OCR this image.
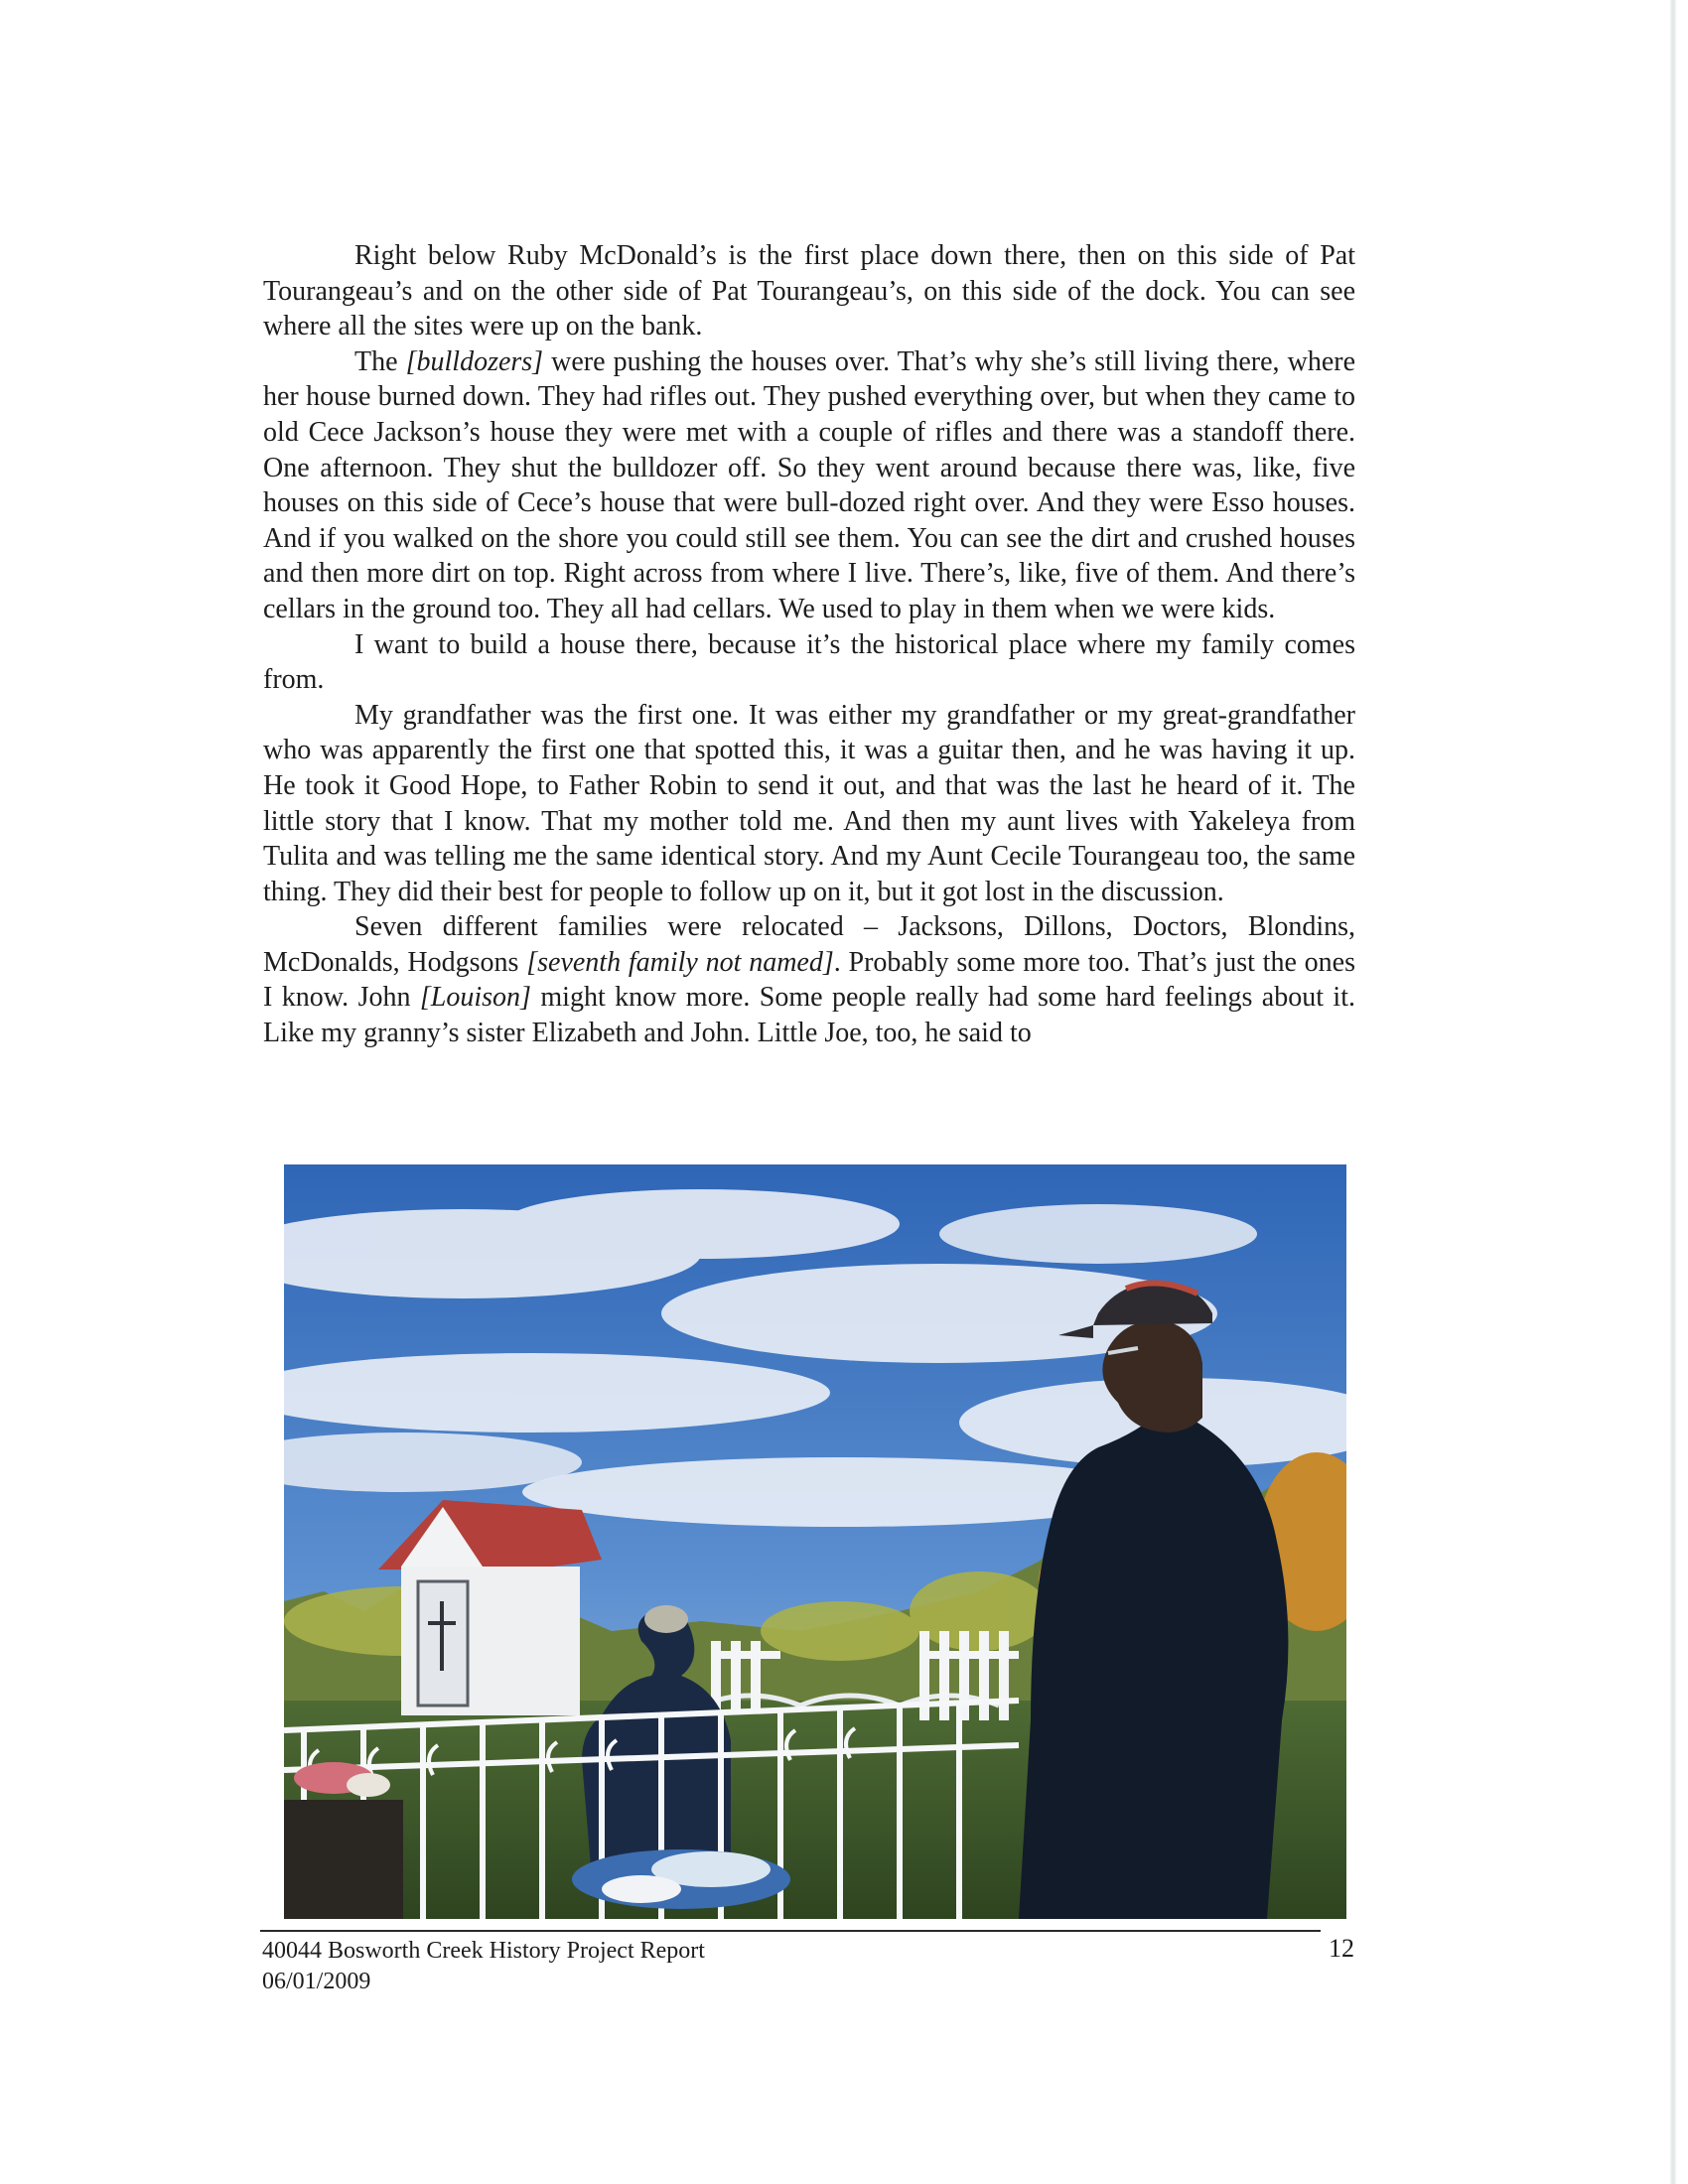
Right below Ruby McDonald’s is the first place down there, then on this side of Pat Tourangeau’s and on the other side of Pat Tourangeau’s, on this side of the dock. You can see where all the sites were up on the bank.

The [bulldozers] were pushing the houses over. That’s why she’s still living there, where her house burned down. They had rifles out. They pushed everything over, but when they came to old Cece Jackson’s house they were met with a couple of rifles and there was a standoff there. One afternoon. They shut the bulldozer off. So they went around because there was, like, five houses on this side of Cece’s house that were bull-dozed right over. And they were Esso houses. And if you walked on the shore you could still see them. You can see the dirt and crushed houses and then more dirt on top. Right across from where I live. There’s, like, five of them. And there’s cellars in the ground too. They all had cellars. We used to play in them when we were kids.

I want to build a house there, because it’s the historical place where my family comes from.

My grandfather was the first one. It was either my grandfather or my great-grandfather who was apparently the first one that spotted this, it was a guitar then, and he was having it up. He took it Good Hope, to Father Robin to send it out, and that was the last he heard of it. The little story that I know. That my mother told me. And then my aunt lives with Yakeleya from Tulita and was telling me the same identical story. And my Aunt Cecile Tourangeau too, the same thing. They did their best for people to follow up on it, but it got lost in the discussion.

Seven different families were relocated – Jacksons, Dillons, Doctors, Blondins, McDonalds, Hodgsons [seventh family not named]. Probably some more too. That’s just the ones I know. John [Louison] might know more. Some people really had some hard feelings about it. Like my granny’s sister Elizabeth and John. Little Joe, too, he said to

40044 Bosworth Creek History Project Report
06/01/2009
12
